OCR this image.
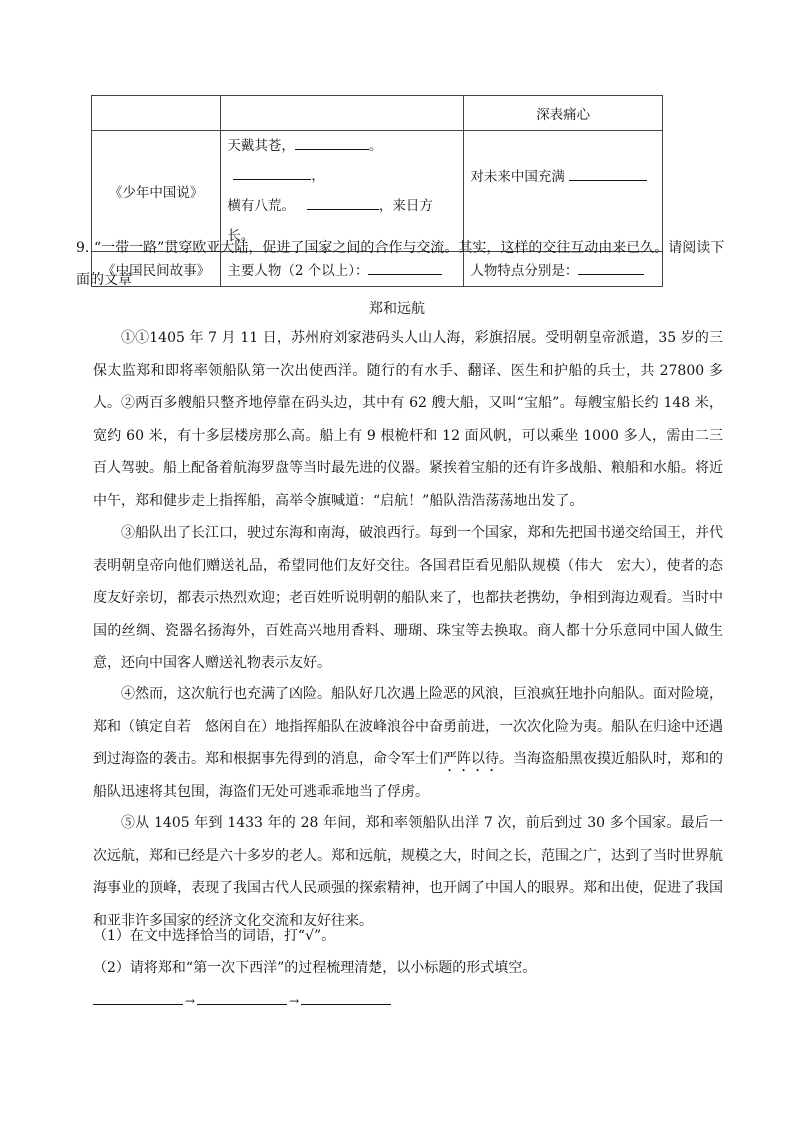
		深表痛心
《少年中国说》	天戴其苍， 。，
横有八荒。 ，来日方长。	对未来中国充满

《中国民间故事》	主要人物（2 个以上）：	人物特点分别是：
9. “一带一路”贯穿欧亚大陆，促进了国家之间的合作与交流。其实，这样的交往互动由来已久。请阅读下面的文章
郑和远航
①①1405 年 7 月 11 日，苏州府刘家港码头人山人海，彩旗招展。受明朝皇帝派遣，35 岁的三保太监郑和即将率领船队第一次出使西洋。随行的有水手、翻译、医生和护船的兵士，共 27800 多人。 ②两百多艘船只整齐地停靠在码头边，其中有 62 艘大船，又叫“宝船”。每艘宝船长约 148 米，宽约 60 米，有十多层楼房那么高。船上有 9 根桅杆和 12 面风帆，可以乘坐 1000 多人，需由二三百人驾驶。船上配备着航海罗盘等当时最先进的仪器。紧挨着宝船的还有许多战船、粮船和水船。将近中午，郑和健步走上指挥船，高举令旗喊道：“启航！”船队浩浩荡荡地出发了。
③船队出了长江口，驶过东海和南海，破浪西行。每到一个国家，郑和先把国书递交给国王，并代表明朝皇帝向他们赠送礼品，希望同他们友好交往。各国君臣看见船队规模（伟大　宏大），使者的态度友好亲切，都表示热烈欢迎；老百姓听说明朝的船队来了，也都扶老携幼，争相到海边观看。当时中国的丝绸、瓷器名扬海外，百姓高兴地用香料、珊瑚、珠宝等去换取。商人都十分乐意同中国人做生意，还向中国客人赠送礼物表示友好。
④然而，这次航行也充满了凶险。船队好几次遇上险恶的风浪，巨浪疯狂地扑向船队。面对险境，郑和（镇定自若　悠闲自在）地指挥船队在波峰浪谷中奋勇前进，一次次化险为夷。船队在归途中还遇到过海盗的袭击。郑和根据事先得到的消息，命令军士们严阵以待。当海盗船黑夜摸近船队时，郑和的船队迅速将其包围，海盗们无处可逃乖乖地当了俘虏。
⑤从 1405 年到 1433 年的 28 年间，郑和率领船队出洋 7 次，前后到过 30 多个国家。最后一次远航，郑和已经是六十多岁的老人。郑和远航，规模之大，时间之长，范围之广，达到了当时世界航海事业的顶峰，表现了我国古代人民顽强的探索精神，也开阔了中国人的眼界。郑和出使，促进了我国和亚非许多国家的经济文化交流和友好往来。
（1）在文中选择恰当的词语，打“√”。
（2）请将郑和“第一次下西洋”的过程梳理清楚，以小标题的形式填空。
→	→
